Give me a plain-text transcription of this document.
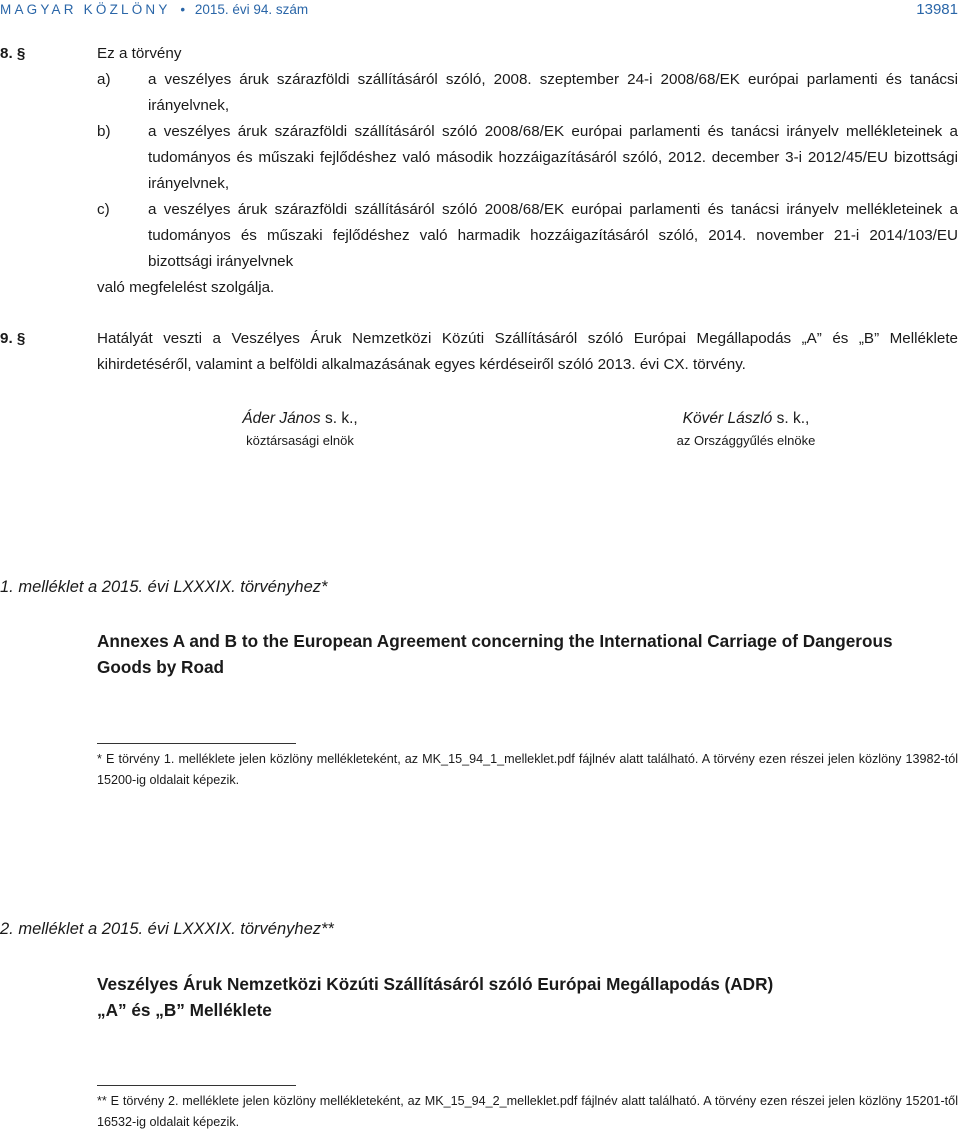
MAGYAR KÖZLÖNY • 2015. évi 94. szám	13981
8. §	Ez a törvény
a)	a veszélyes áruk szárazföldi szállításáról szóló, 2008. szeptember 24-i 2008/68/EK európai parlamenti és tanácsi irányelvnek,
b)	a veszélyes áruk szárazföldi szállításáról szóló 2008/68/EK európai parlamenti és tanácsi irányelv mellékleteinek a tudományos és műszaki fejlődéshez való második hozzáigazításáról szóló, 2012. december 3-i 2012/45/EU bizottsági irányelvnek,
c)	a veszélyes áruk szárazföldi szállításáról szóló 2008/68/EK európai parlamenti és tanácsi irányelv mellékleteinek a tudományos és műszaki fejlődéshez való harmadik hozzáigazításáról szóló, 2014. november 21-i 2014/103/EU bizottsági irányelvnek
való megfelelést szolgálja.
9. §	Hatályát veszti a Veszélyes Áruk Nemzetközi Közúti Szállításáról szóló Európai Megállapodás „A” és „B” Melléklete kihirdetéséről, valamint a belföldi alkalmazásának egyes kérdéseiről szóló 2013. évi CX. törvény.
Áder János s. k.,
köztársasági elnök
Kövér László s. k.,
az Országgyűlés elnöke
1. melléklet a 2015. évi LXXXIX. törvényhez*
Annexes A and B to the European Agreement concerning the International Carriage of Dangerous Goods by Road
* E törvény 1. melléklete jelen közlöny mellékleteként, az MK_15_94_1_melleklet.pdf fájlnév alatt található. A törvény ezen részei jelen közlöny 13982-tól 15200-ig oldalait képezik.
2. melléklet a 2015. évi LXXXIX. törvényhez**
Veszélyes Áruk Nemzetközi Közúti Szállításáról szóló Európai Megállapodás (ADR)
„A” és „B” Melléklete
** E törvény 2. melléklete jelen közlöny mellékleteként, az MK_15_94_2_melleklet.pdf fájlnév alatt található. A törvény ezen részei jelen közlöny 15201-től 16532-ig oldalait képezik.
